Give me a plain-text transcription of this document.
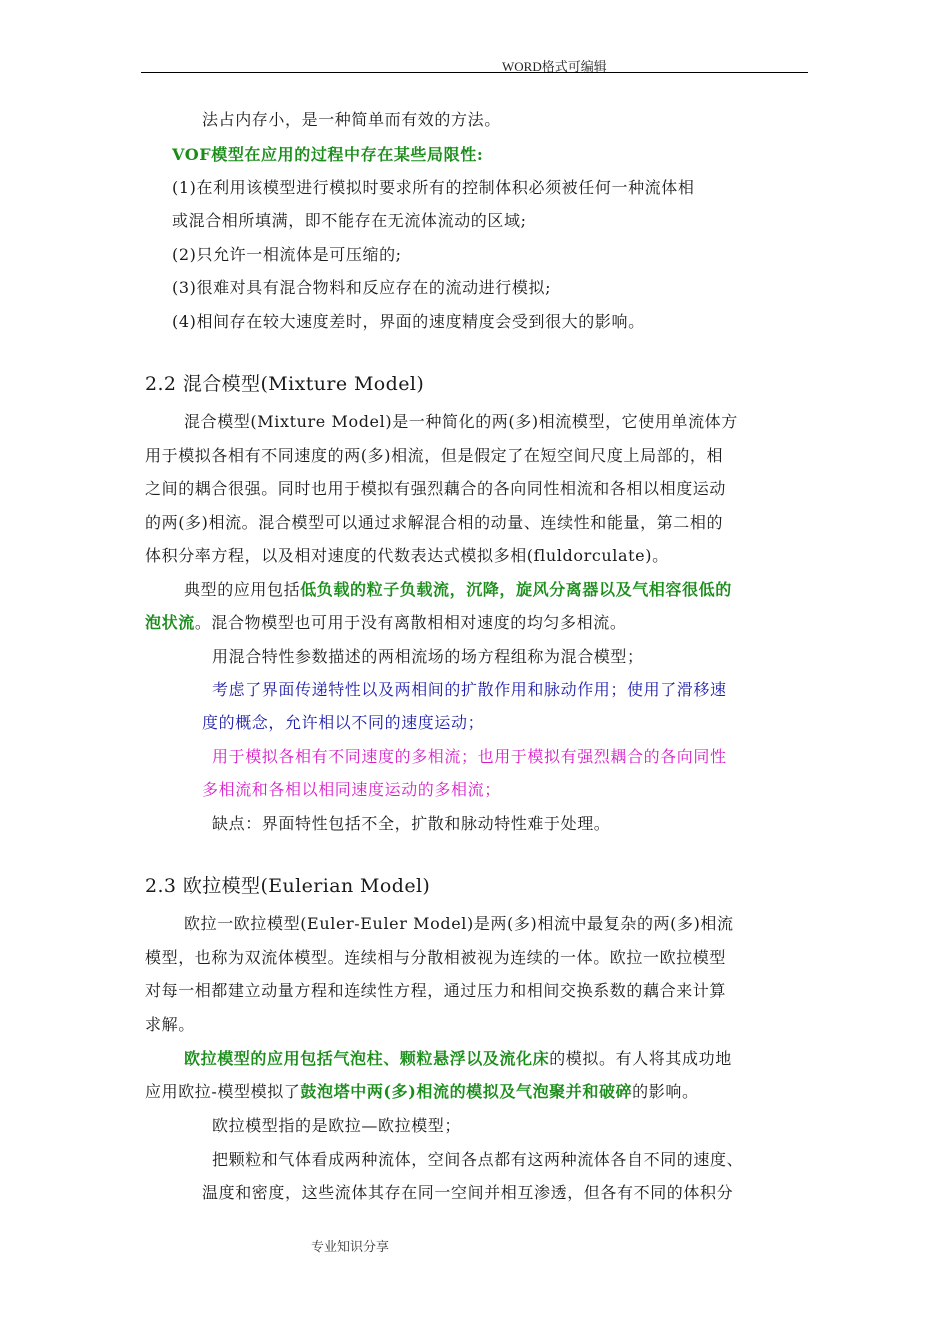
WORD格式可编辑
法占内存小，是一种简单而有效的方法。
VOF模型在应用的过程中存在某些局限性:
(1)在利用该模型进行模拟时要求所有的控制体积必须被任何一种流体相
或混合相所填满，即不能存在无流体流动的区域;
(2)只允许一相流体是可压缩的;
(3)很难对具有混合物料和反应存在的流动进行模拟;
(4)相间存在较大速度差时，界面的速度精度会受到很大的影响。
2.2 混合模型(Mixture Model)
混合模型(Mixture Model)是一种简化的两(多)相流模型，它使用单流体方
用于模拟各相有不同速度的两(多)相流，但是假定了在短空间尺度上局部的，相
之间的耦合很强。同时也用于模拟有强烈藕合的各向同性相流和各相以相度运动
的两(多)相流。混合模型可以通过求解混合相的动量、连续性和能量，第二相的
体积分率方程，以及相对速度的代数表达式模拟多相(fluldorculate)。
典型的应用包括低负载的粒子负载流，沉降，旋风分离器以及气相容很低的
泡状流。混合物模型也可用于没有离散相相对速度的均匀多相流。
用混合特性参数描述的两相流场的场方程组称为混合模型；
考虑了界面传递特性以及两相间的扩散作用和脉动作用；使用了滑移速
度的概念，允许相以不同的速度运动；
用于模拟各相有不同速度的多相流；也用于模拟有强烈耦合的各向同性
多相流和各相以相同速度运动的多相流；
缺点：界面特性包括不全，扩散和脉动特性难于处理。
2.3 欧拉模型(Eulerian Model)
欧拉一欧拉模型(Euler-Euler Model)是两(多)相流中最复杂的两(多)相流
模型，也称为双流体模型。连续相与分散相被视为连续的一体。欧拉一欧拉模型
对每一相都建立动量方程和连续性方程，通过压力和相间交换系数的藕合来计算
求解。
欧拉模型的应用包括气泡柱、颗粒悬浮以及流化床的模拟。有人将其成功地
应用欧拉-模型模拟了鼓泡塔中两(多)相流的模拟及气泡聚并和破碎的影响。
欧拉模型指的是欧拉—欧拉模型；
把颗粒和气体看成两种流体，空间各点都有这两种流体各自不同的速度、
温度和密度，这些流体其存在同一空间并相互渗透，但各有不同的体积分
专业知识分享
